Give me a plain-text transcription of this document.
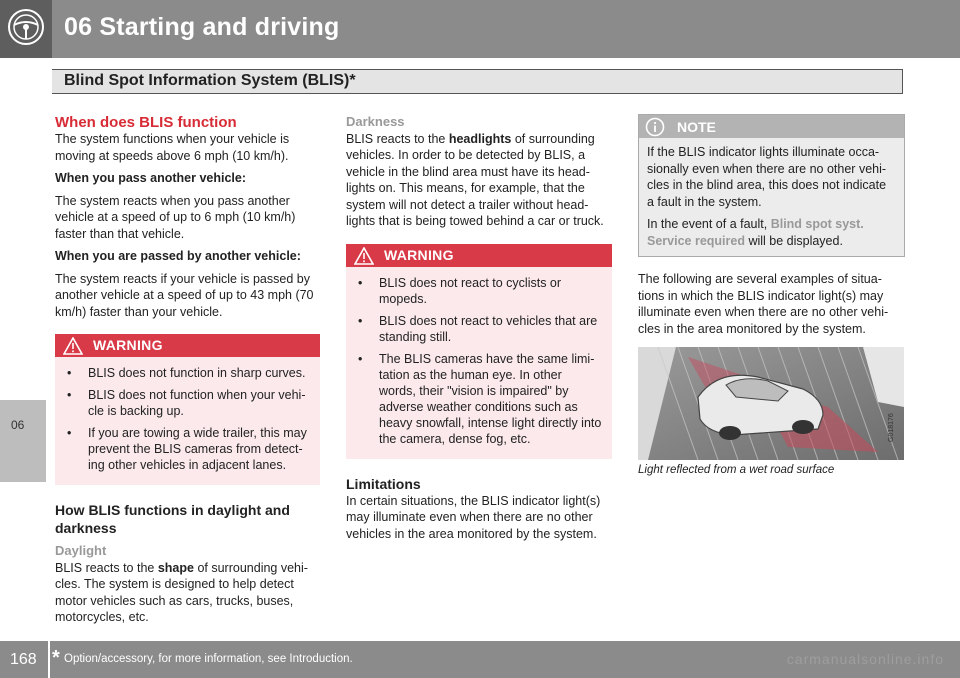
06 Starting and driving
Blind Spot Information System (BLIS)*
06
When does BLIS function

The system functions when your vehicle is moving at speeds above 6 mph (10 km/h).

When you pass another vehicle:

The system reacts when you pass another vehicle at a speed of up to 6 mph (10 km/h) faster than that vehicle.

When you are passed by another vehicle:

The system reacts if your vehicle is passed by another vehicle at a speed of up to 43 mph (70 km/h) faster than your vehicle.

WARNING
• BLIS does not function in sharp curves.
• BLIS does not function when your vehi-cle is backing up.
• If you are towing a wide trailer, this may prevent the BLIS cameras from detect-ing other vehicles in adjacent lanes.
How BLIS functions in daylight and darkness

Daylight

BLIS reacts to the shape of surrounding vehi-cles. The system is designed to help detect motor vehicles such as cars, trucks, buses, motorcycles, etc.

Darkness

BLIS reacts to the headlights of surrounding vehicles. In order to be detected by BLIS, a vehicle in the blind area must have its head-lights on. This means, for example, that the system will not detect a trailer without head-lights that is being towed behind a car or truck.

WARNING
• BLIS does not react to cyclists or mopeds.
• BLIS does not react to vehicles that are standing still.
• The BLIS cameras have the same limi-tation as the human eye. In other words, their "vision is impaired" by adverse weather conditions such as heavy snowfall, intense light directly into the camera, dense fog, etc.
Limitations

In certain situations, the BLIS indicator light(s) may illuminate even when there are no other vehicles in the area monitored by the system.

NOTE

If the BLIS indicator lights illuminate occa-sionally even when there are no other vehi-cles in the blind area, this does not indicate a fault in the system.

In the event of a fault, Blind spot syst. Service required will be displayed.

The following are several examples of situa-tions in which the BLIS indicator light(s) may illuminate even when there are no other vehi-cles in the area monitored by the system.

G018176
Light reflected from a wet road surface
168 * Option/accessory, for more information, see Introduction.	carmanualsonline.info
